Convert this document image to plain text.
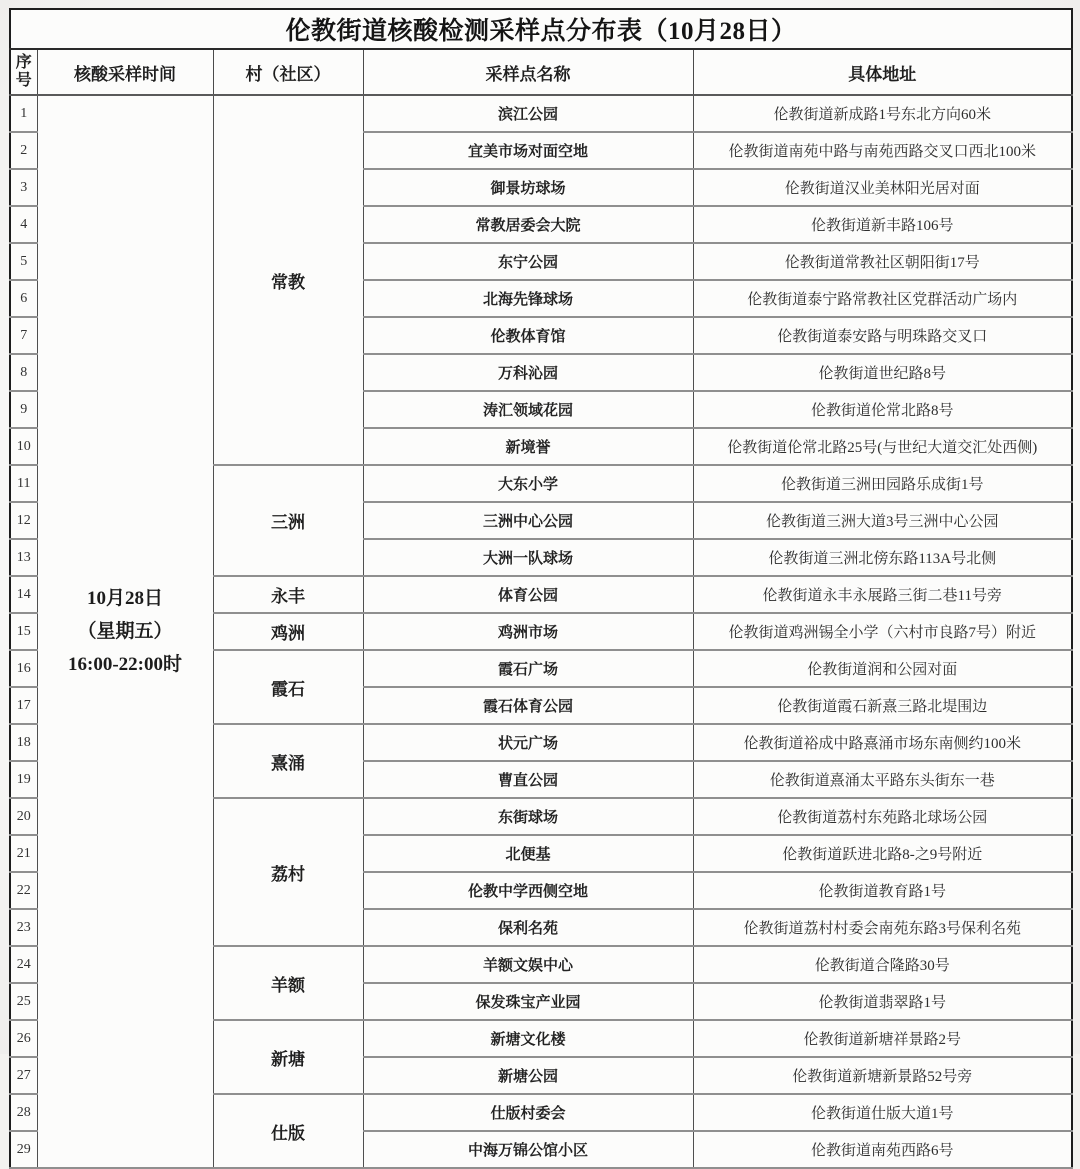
伦教街道核酸检测采样点分布表（10月28日）				
序号	核酸采样时间	村（社区）	采样点名称	具体地址
1	10月28日
（星期五）
16:00-22:00时	常教	滨江公园	伦教街道新成路1号东北方向60米
2			宜美市场对面空地	伦教街道南苑中路与南苑西路交叉口西北100米
3			御景坊球场	伦教街道汉业美林阳光居对面
4			常教居委会大院	伦教街道新丰路106号
5			东宁公园	伦教街道常教社区朝阳街17号
6			北海先锋球场	伦教街道泰宁路常教社区党群活动广场内
7			伦教体育馆	伦教街道泰安路与明珠路交叉口
8			万科沁园	伦教街道世纪路8号
9			涛汇领域花园	伦教街道伦常北路8号
10			新境誉	伦教街道伦常北路25号(与世纪大道交汇处西侧)
11		三洲	大东小学	伦教街道三洲田园路乐成街1号
12			三洲中心公园	伦教街道三洲大道3号三洲中心公园
13			大洲一队球场	伦教街道三洲北傍东路113A号北侧
14		永丰	体育公园	伦教街道永丰永展路三街二巷11号旁
15		鸡洲	鸡洲市场	伦教街道鸡洲锡全小学（六村市良路7号）附近
16		霞石	霞石广场	伦教街道润和公园对面
17			霞石体育公园	伦教街道霞石新熹三路北堤围边
18		熹涌	状元广场	伦教街道裕成中路熹涌市场东南侧约100米
19			曹直公园	伦教街道熹涌太平路东头街东一巷
20		荔村	东街球场	伦教街道荔村东苑路北球场公园
21			北便基	伦教街道跃进北路8-之9号附近
22			伦教中学西侧空地	伦教街道教育路1号
23			保利名苑	伦教街道荔村村委会南苑东路3号保利名苑
24		羊额	羊额文娱中心	伦教街道合隆路30号
25			保发珠宝产业园	伦教街道翡翠路1号
26		新塘	新塘文化楼	伦教街道新塘祥景路2号
27			新塘公园	伦教街道新塘新景路52号旁
28		仕版	仕版村委会	伦教街道仕版大道1号
29			中海万锦公馆小区	伦教街道南苑西路6号
